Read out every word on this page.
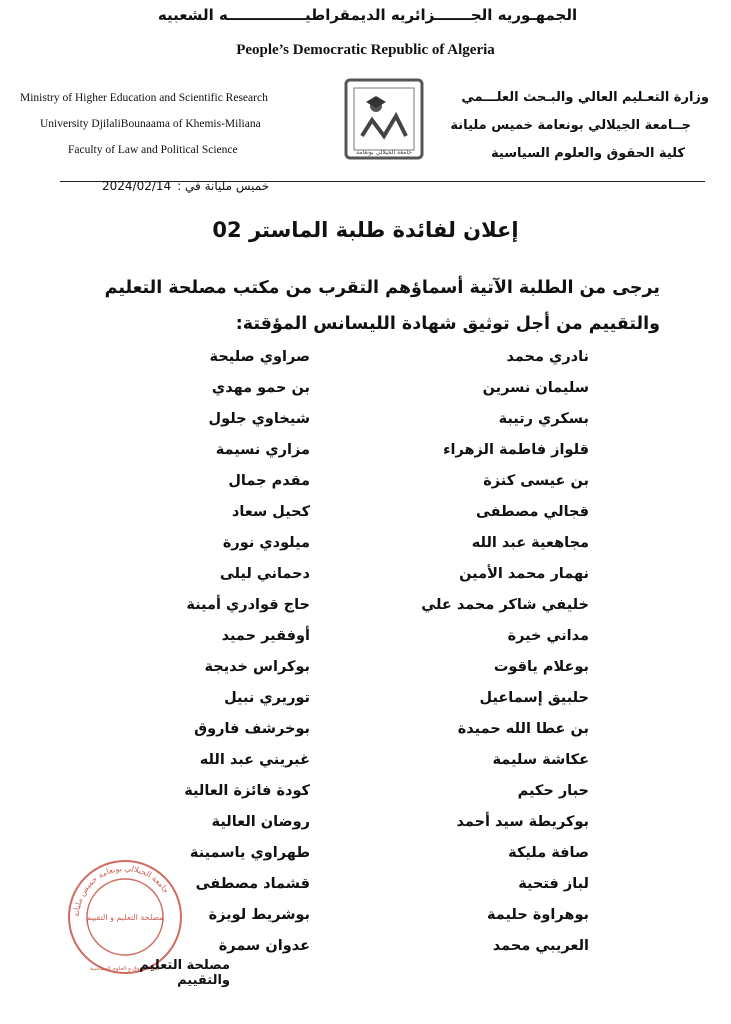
الجمهـوريه الجـــــــزائريه الديمقراطيـــــــــــــــه الشعبيه
People’s Democratic Republic of Algeria
Ministry of Higher Education and Scientific Research
University DjilaliBounaama of Khemis-Miliana
Faculty of Law and Political Science	جامعة الجيلالي بونعامة
وزارة التعـليم العالي والبـحث العلـــمي
جــامعة الجيلالي بونعامة خميس مليانة
كلية الحقوق والعلوم السياسية
خميس مليانة في :2024/02/14
إعلان لفائدة طلبة الماستر 02
يرجى من الطلبة الآتية أسماؤهم التقرب من مكتب مصلحة التعليم والتقييم من أجل توثيق شهادة الليسانس المؤقتة:
نادري محمد
سليمان نسرين
بسكري رتيبة
قلواز فاطمة الزهراء
بن عيسى كنزة
قجالي مصطفى
مجاهعية عبد الله
نهمار محمد الأمين
خليفي شاكر محمد علي
مداني خيرة
بوعلام ياقوت
حلبيق إسماعيل
بن عطا الله حميدة
عكاشة سليمة
حبار حكيم
بوكريطة سيد أحمد
صافة مليكة
لباز فتحية
بوهراوة حليمة
العريبي محمد
صراوي صليحة
بن حمو مهدي
شيخاوي جلول
مزاري نسيمة
مقدم جمال
كحيل سعاد
ميلودي نورة
دحماني ليلى
حاج قوادري أمينة
أوفقير حميد
بوكراس خديجة
توريري نبيل
بوخرشف فاروق
غبريني عبد الله
كودة فائزة العالية
روضان العالية
طهراوي ياسمينة
قشماد مصطفى
بوشريط لويزة
عدوان سمرة
جامعة الجيلالي بونعامة خميس مليانة
مصلحة التعليم و التقييم
كلية الحقوق و العلوم السياسية
مصلحة التعليم والتقييم
